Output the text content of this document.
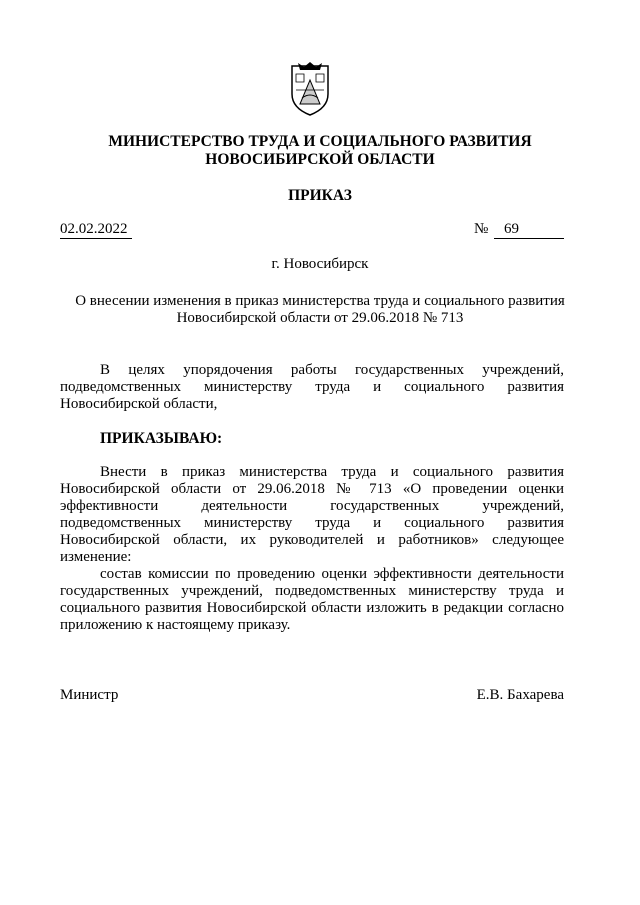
МИНИСТЕРСТВО ТРУДА И СОЦИАЛЬНОГО РАЗВИТИЯ
НОВОСИБИРСКОЙ ОБЛАСТИ
ПРИКАЗ
02.02.2022	№	69
г. Новосибирск
О внесении изменения в приказ министерства труда и социального развития
Новосибирской области от 29.06.2018 № 713
В целях упорядочения работы государственных учреждений, подведомственных министерству труда и социального развития Новосибирской области,
ПРИКАЗЫВАЮ:
Внести в приказ министерства труда и социального развития Новосибирской области от 29.06.2018 № 713 «О проведении оценки эффективности деятельности государственных учреждений, подведомственных министерству труда и социального развития Новосибирской области, их руководителей и работников» следующее изменение:
состав комиссии по проведению оценки эффективности деятельности государственных учреждений, подведомственных министерству труда и социального развития Новосибирской области изложить в редакции согласно приложению к настоящему приказу.
Министр	Е.В. Бахарева
